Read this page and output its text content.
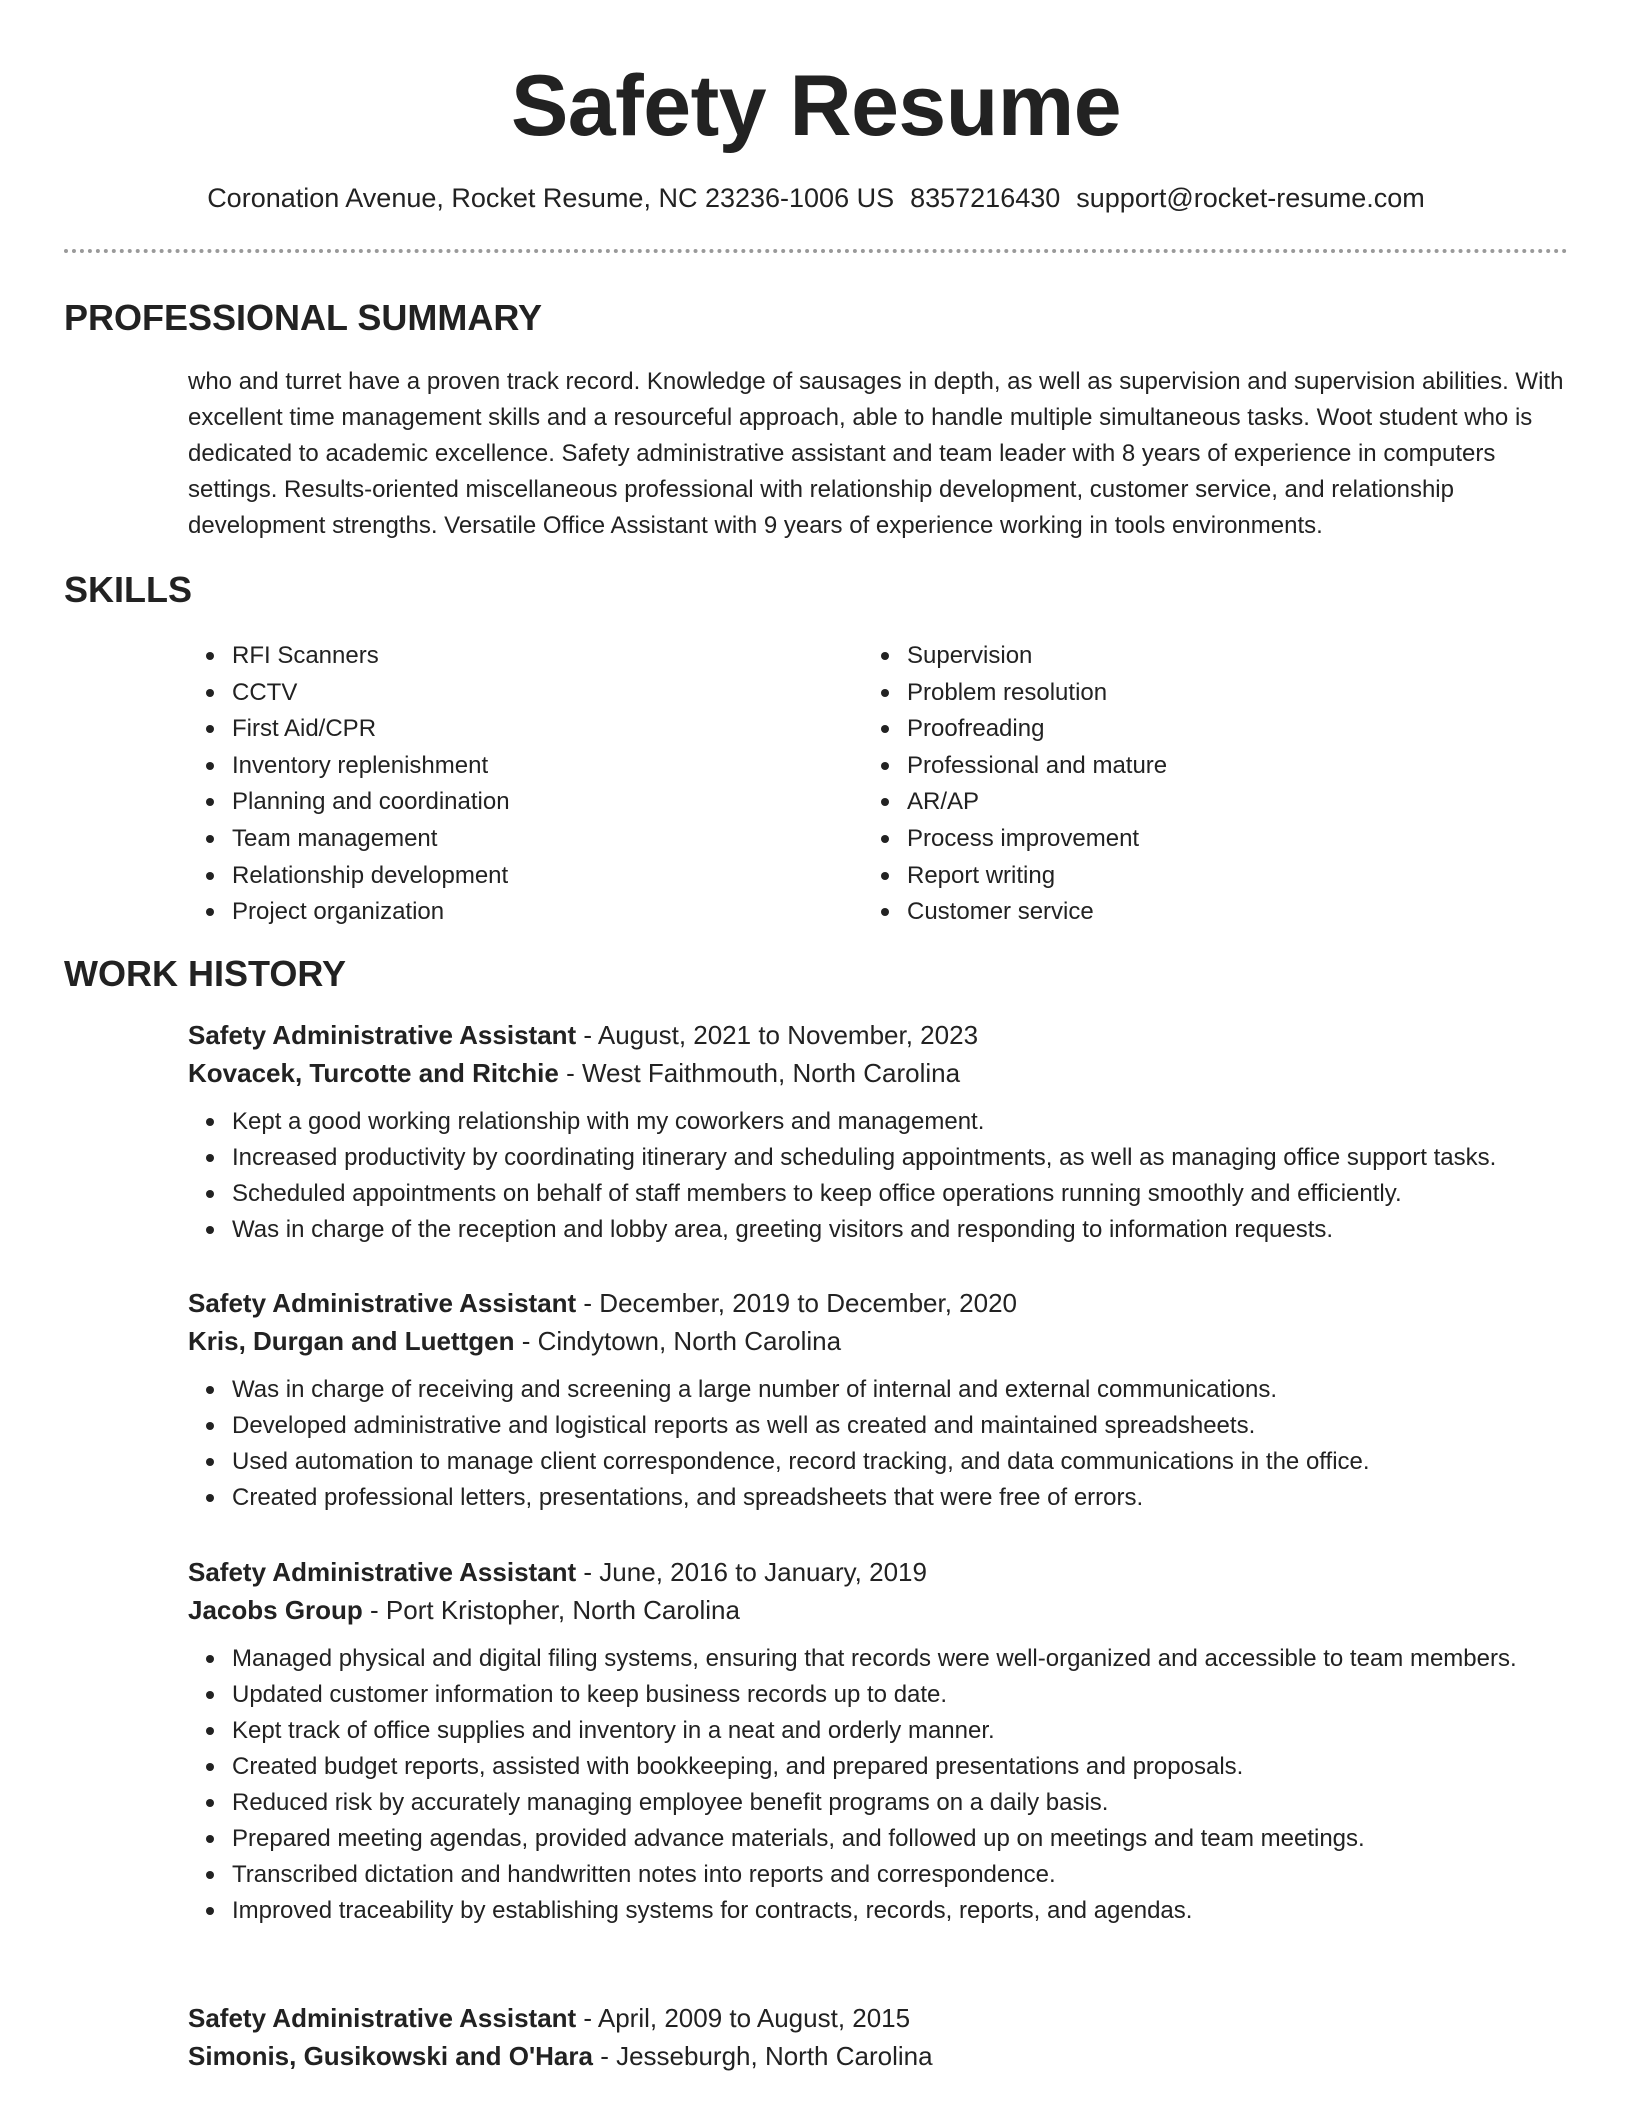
Safety Resume
Coronation Avenue, Rocket Resume, NC 23236-1006 US 8357216430 support@rocket-resume.com
PROFESSIONAL SUMMARY

who and turret have a proven track record. Knowledge of sausages in depth, as well as supervision and supervision abilities. With excellent time management skills and a resourceful approach, able to handle multiple simultaneous tasks. Woot student who is dedicated to academic excellence. Safety administrative assistant and team leader with 8 years of experience in computers settings. Results-oriented miscellaneous professional with relationship development, customer service, and relationship development strengths. Versatile Office Assistant with 9 years of experience working in tools environments.

SKILLS
RFI Scanners
CCTV
First Aid/CPR
Inventory replenishment
Planning and coordination
Team management
Relationship development
Project organization
Supervision
Problem resolution
Proofreading
Professional and mature
AR/AP
Process improvement
Report writing
Customer service
WORK HISTORY
Safety Administrative Assistant - August, 2021 to November, 2023
Kovacek, Turcotte and Ritchie - West Faithmouth, North Carolina
Kept a good working relationship with my coworkers and management.
Increased productivity by coordinating itinerary and scheduling appointments, as well as managing office support tasks.
Scheduled appointments on behalf of staff members to keep office operations running smoothly and efficiently.
Was in charge of the reception and lobby area, greeting visitors and responding to information requests.
Safety Administrative Assistant - December, 2019 to December, 2020
Kris, Durgan and Luettgen - Cindytown, North Carolina
Was in charge of receiving and screening a large number of internal and external communications.
Developed administrative and logistical reports as well as created and maintained spreadsheets.
Used automation to manage client correspondence, record tracking, and data communications in the office.
Created professional letters, presentations, and spreadsheets that were free of errors.
Safety Administrative Assistant - June, 2016 to January, 2019
Jacobs Group - Port Kristopher, North Carolina
Managed physical and digital filing systems, ensuring that records were well-organized and accessible to team members.
Updated customer information to keep business records up to date.
Kept track of office supplies and inventory in a neat and orderly manner.
Created budget reports, assisted with bookkeeping, and prepared presentations and proposals.
Reduced risk by accurately managing employee benefit programs on a daily basis.
Prepared meeting agendas, provided advance materials, and followed up on meetings and team meetings.
Transcribed dictation and handwritten notes into reports and correspondence.
Improved traceability by establishing systems for contracts, records, reports, and agendas.
Safety Administrative Assistant - April, 2009 to August, 2015
Simonis, Gusikowski and O'Hara - Jesseburgh, North Carolina
